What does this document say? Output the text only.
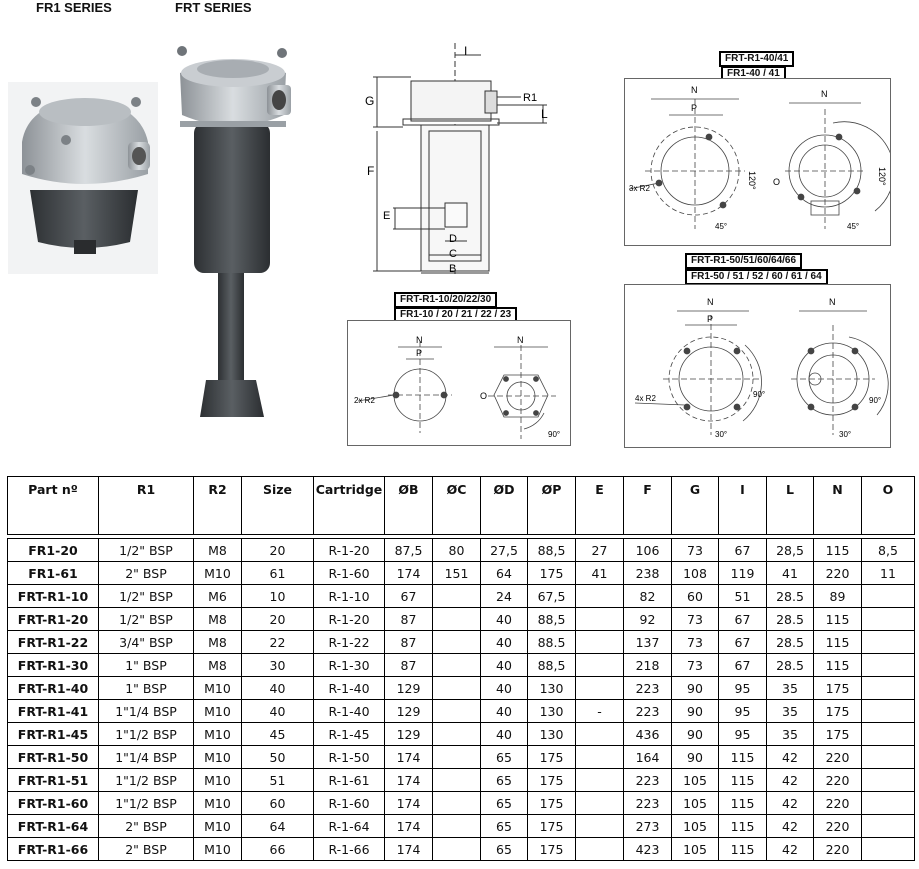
FR1 SERIES	FRT SERIES
I
G	R1
L
F
E
D
C
B
FRT-R1-40/41
FR1-40 / 41
N
P
3x R2	120°
45°
N
O	120°
45°
FRT-R1-50/51/60/64/66
FR1-50 / 51 / 52 / 60 / 61 / 64
N
P
4x R2	90°
30°
N
90°
30°
FRT-R1-10/20/22/30
FR1-10 / 20 / 21 / 22 / 23
N
P
2x R2
N
O
90°
Part nº	R1	R2	Size	Cartridge	ØB	ØC	ØD	ØP	E	F	G	I	L	N	O

FR1-20	1/2" BSP	M8	20	R-1-20	87,5	80	27,5	88,5	27	106	73	67	28,5	115	8,5
FR1-61	2" BSP	M10	61	R-1-60	174	151	64	175	41	238	108	119	41	220	11
FRT-R1-10	1/2" BSP	M6	10	R-1-10	67		24	67,5		82	60	51	28.5	89	
FRT-R1-20	1/2" BSP	M8	20	R-1-20	87		40	88,5		92	73	67	28.5	115	
FRT-R1-22	3/4" BSP	M8	22	R-1-22	87		40	88.5		137	73	67	28.5	115	
FRT-R1-30	1" BSP	M8	30	R-1-30	87		40	88,5		218	73	67	28.5	115	
FRT-R1-40	1" BSP	M10	40	R-1-40	129		40	130		223	90	95	35	175	
FRT-R1-41	1"1/4 BSP	M10	40	R-1-40	129		40	130	-	223	90	95	35	175	
FRT-R1-45	1"1/2 BSP	M10	45	R-1-45	129		40	130		436	90	95	35	175	
FRT-R1-50	1"1/4 BSP	M10	50	R-1-50	174		65	175		164	90	115	42	220	
FRT-R1-51	1"1/2 BSP	M10	51	R-1-61	174		65	175		223	105	115	42	220	
FRT-R1-60	1"1/2 BSP	M10	60	R-1-60	174		65	175		223	105	115	42	220	
FRT-R1-64	2" BSP	M10	64	R-1-64	174		65	175		273	105	115	42	220	
FRT-R1-66	2" BSP	M10	66	R-1-66	174		65	175		423	105	115	42	220	
